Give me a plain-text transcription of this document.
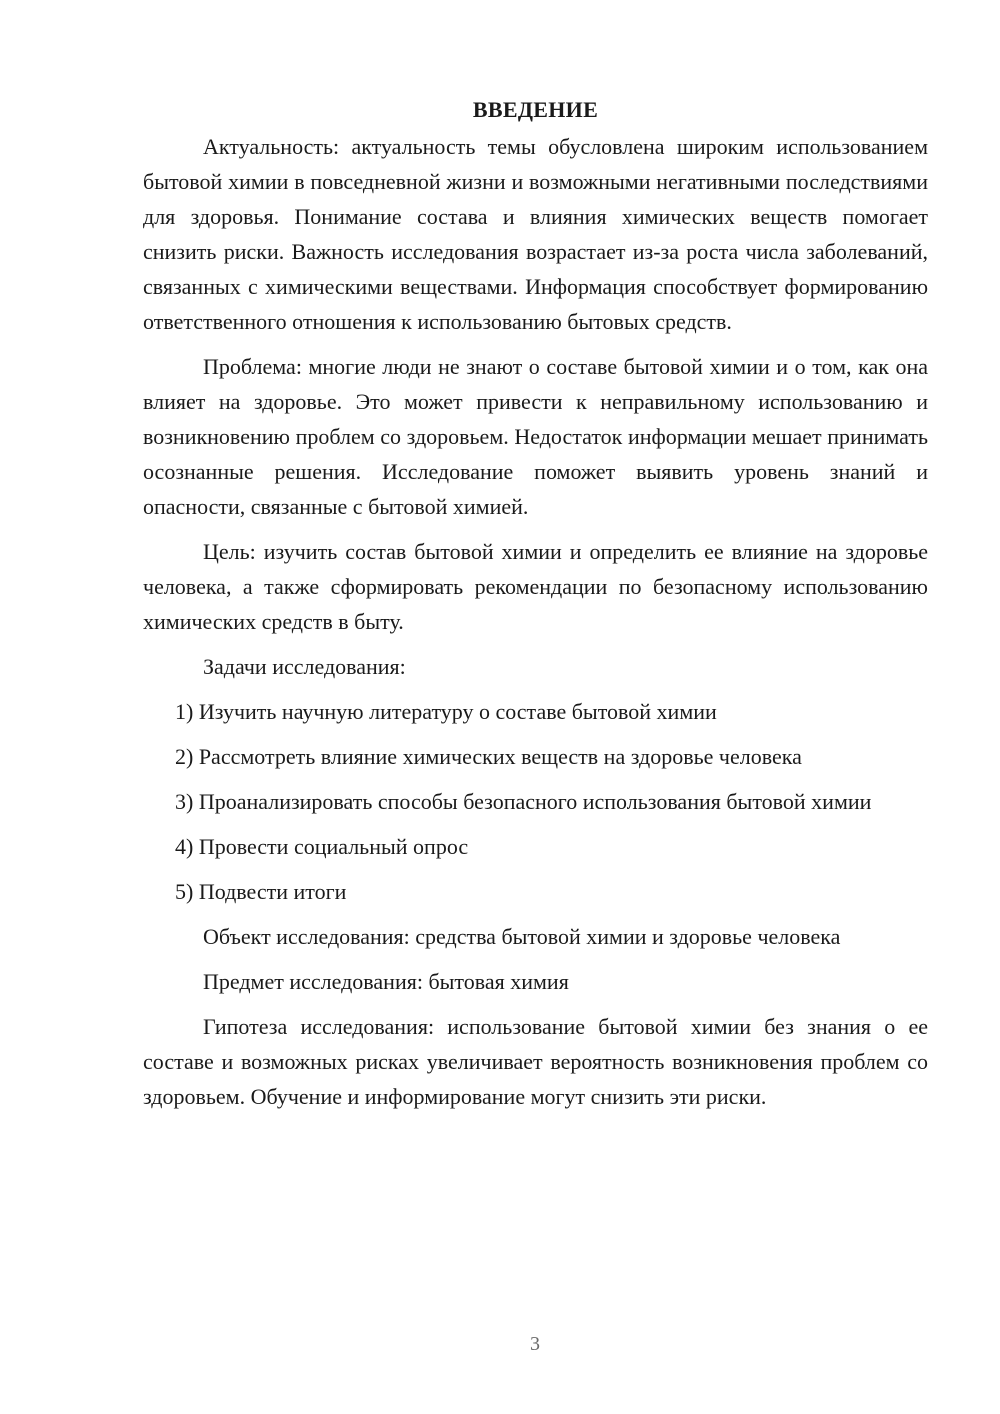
ВВЕДЕНИЕ

Актуальность: актуальность темы обусловлена широким использованием бытовой химии в повседневной жизни и возможными негативными последствиями для здоровья. Понимание состава и влияния химических веществ помогает снизить риски. Важность исследования возрастает из-за роста числа заболеваний, связанных с химическими веществами. Информация способствует формированию ответственного отношения к использованию бытовых средств.

Проблема: многие люди не знают о составе бытовой химии и о том, как она влияет на здоровье. Это может привести к неправильному использованию и возникновению проблем со здоровьем. Недостаток информации мешает принимать осознанные решения. Исследование поможет выявить уровень знаний и опасности, связанные с бытовой химией.

Цель: изучить состав бытовой химии и определить ее влияние на здоровье человека, а также сформировать рекомендации по безопасному использованию химических средств в быту.

Задачи исследования:

1) Изучить научную литературу о составе бытовой химии

2) Рассмотреть влияние химических веществ на здоровье человека

3) Проанализировать способы безопасного использования бытовой химии

4) Провести социальный опрос

5) Подвести итоги

Объект исследования: средства бытовой химии и здоровье человека

Предмет исследования: бытовая химия

Гипотеза исследования: использование бытовой химии без знания о ее составе и возможных рисках увеличивает вероятность возникновения проблем со здоровьем. Обучение и информирование могут снизить эти риски.

3
